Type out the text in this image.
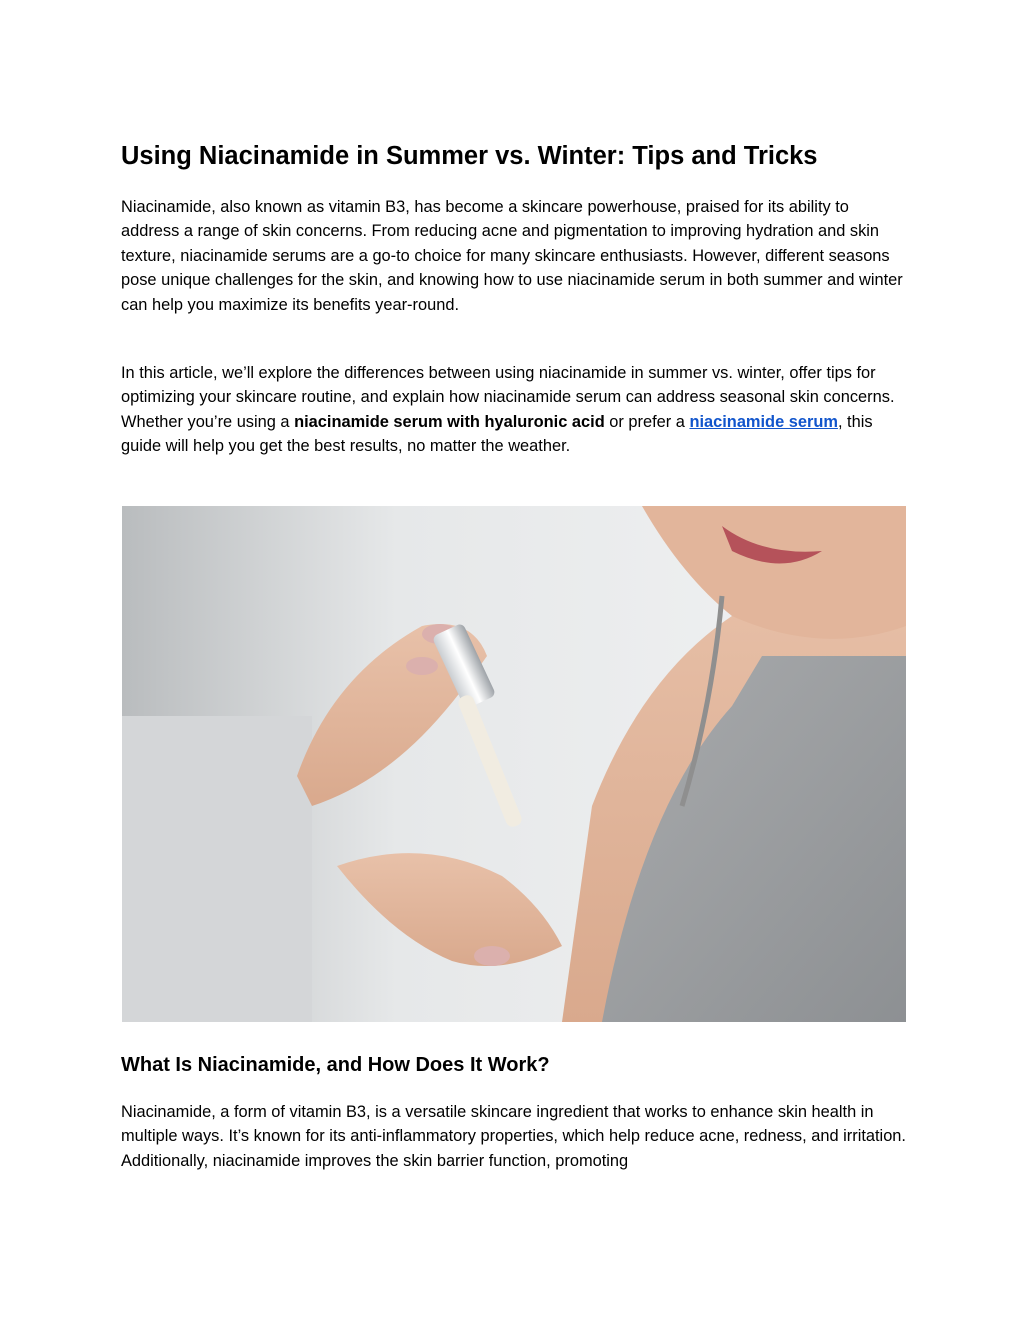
Using Niacinamide in Summer vs. Winter: Tips and Tricks

Niacinamide, also known as vitamin B3, has become a skincare powerhouse, praised for its ability to address a range of skin concerns. From reducing acne and pigmentation to improving hydration and skin texture, niacinamide serums are a go-to choice for many skincare enthusiasts. However, different seasons pose unique challenges for the skin, and knowing how to use niacinamide serum in both summer and winter can help you maximize its benefits year-round.

In this article, we’ll explore the differences between using niacinamide in summer vs. winter, offer tips for optimizing your skincare routine, and explain how niacinamide serum can address seasonal skin concerns. Whether you’re using a niacinamide serum with hyaluronic acid or prefer a niacinamide serum, this guide will help you get the best results, no matter the weather.

What Is Niacinamide, and How Does It Work?

Niacinamide, a form of vitamin B3, is a versatile skincare ingredient that works to enhance skin health in multiple ways. It’s known for its anti-inflammatory properties, which help reduce acne, redness, and irritation. Additionally, niacinamide improves the skin barrier function, promoting
